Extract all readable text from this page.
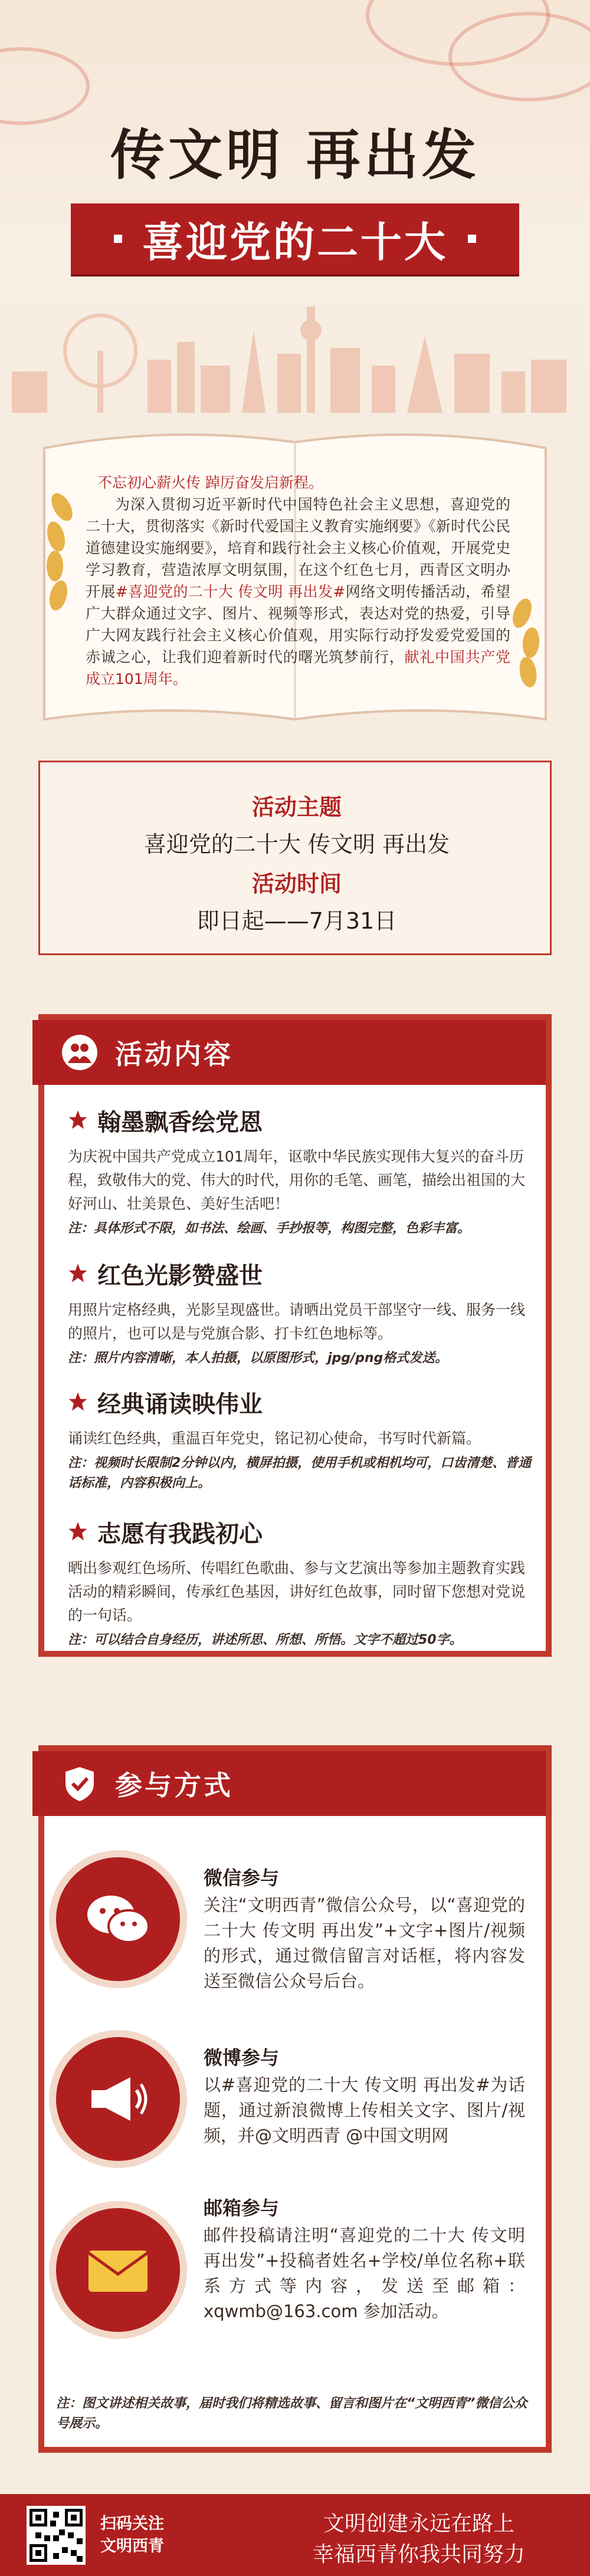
传文明 再出发
喜迎党的二十大
不忘初心薪火传 踔厉奋发启新程。
为深入贯彻习近平新时代中国特色社会主义思想，喜迎党的二十大，贯彻落实《新时代爱国主义教育实施纲要》《新时代公民道德建设实施纲要》，培育和践行社会主义核心价值观，开展党史学习教育，营造浓厚文明氛围，在这个红色七月，西青区文明办开展#喜迎党的二十大 传文明 再出发#网络文明传播活动，希望广大群众通过文字、图片、视频等形式，表达对党的热爱，引导广大网友践行社会主义核心价值观，用实际行动抒发爱党爱国的赤诚之心，让我们迎着新时代的曙光筑梦前行，献礼中国共产党成立101周年。
活动主题
喜迎党的二十大 传文明 再出发
活动时间
即日起——7月31日
活动内容
翰墨飘香绘党恩
为庆祝中国共产党成立101周年，讴歌中华民族实现伟大复兴的奋斗历程，致敬伟大的党、伟大的时代，用你的毛笔、画笔，描绘出祖国的大好河山、壮美景色、美好生活吧！
注：具体形式不限，如书法、绘画、手抄报等，构图完整，色彩丰富。
红色光影赞盛世
用照片定格经典，光影呈现盛世。请晒出党员干部坚守一线、服务一线的照片，也可以是与党旗合影、打卡红色地标等。
注：照片内容清晰，本人拍摄，以原图形式，jpg/png格式发送。
经典诵读映伟业
诵读红色经典，重温百年党史，铭记初心使命，书写时代新篇。
注：视频时长限制2分钟以内，横屏拍摄，使用手机或相机均可，口齿清楚、普通话标准，内容积极向上。
志愿有我践初心
晒出参观红色场所、传唱红色歌曲、参与文艺演出等参加主题教育实践活动的精彩瞬间，传承红色基因，讲好红色故事，同时留下您想对党说的一句话。
注：可以结合自身经历，讲述所思、所想、所悟。文字不超过50字。
参与方式
微信参与
关注“文明西青”微信公众号，以“喜迎党的二十大 传文明 再出发”+文字+图片/视频的形式，通过微信留言对话框，将内容发送至微信公众号后台。
微博参与
以#喜迎党的二十大 传文明 再出发#为话题，通过新浪微博上传相关文字、图片/视频，并@文明西青 @中国文明网
邮箱参与
邮件投稿请注明“喜迎党的二十大 传文明再出发”+投稿者姓名+学校/单位名称+联系方式等内容，发送至邮箱：xqwmb@163.com 参加活动。
注：图文讲述相关故事，届时我们将精选故事、留言和图片在“文明西青”微信公众号展示。
扫码关注
文明西青
文明创建永远在路上
幸福西青你我共同努力
